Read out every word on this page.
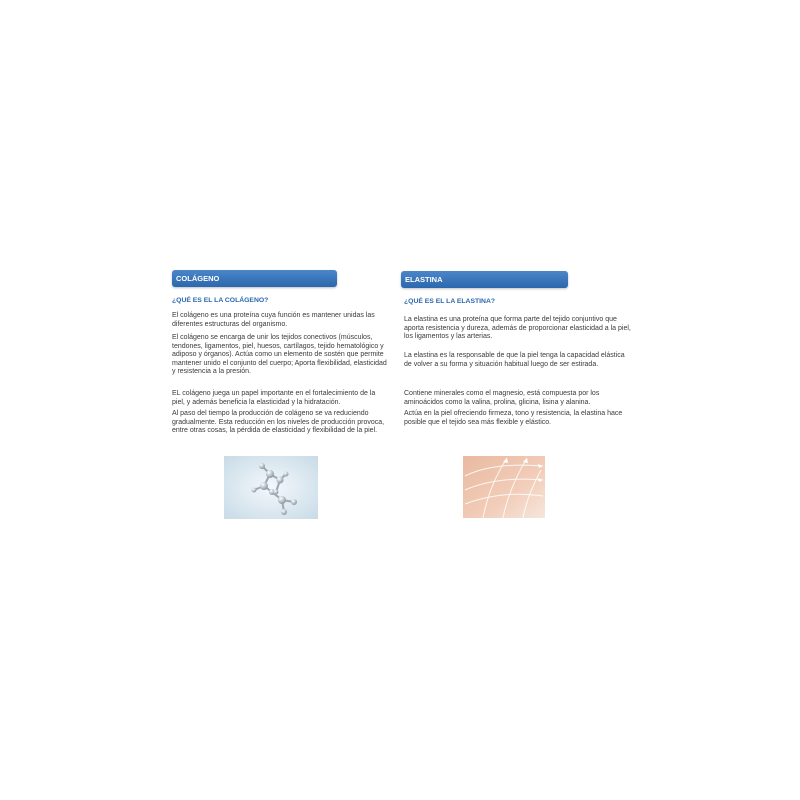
COLÁGENO
¿QUÉ ES EL LA COLÁGENO?

El colágeno es una proteína cuya función es mantener unidas las diferentes estructuras del organismo.

El colágeno se encarga de unir los tejidos conectivos (músculos, tendones, ligamentos, piel, huesos, cartílagos, tejido hematológico y adiposo y órganos). Actúa como un elemento de sostén que permite mantener unido el conjunto del cuerpo; Aporta flexibilidad, elasticidad y resistencia a la presión.

EL colágeno juega un papel importante en el fortalecimiento de la piel, y además beneficia la elasticidad y la hidratación.

Al paso del tiempo la producción de colágeno se va reduciendo gradualmente. Esta reducción en los niveles de producción provoca, entre otras cosas, la pérdida de elasticidad y flexibilidad de la piel.

ELASTINA
¿QUÉ ES EL LA ELASTINA?

La elastina es una proteína que forma parte del tejido conjuntivo que aporta resistencia y dureza, además de proporcionar elasticidad a la piel, los ligamentos y las arterias.

La elastina es la responsable de que la piel tenga la capacidad elástica de volver a su forma y situación habitual luego de ser estirada.

Contiene minerales como el magnesio, está compuesta por los aminoácidos como la valina, prolina, glicina, lisina y alanina.

Actúa en la piel ofreciendo firmeza, tono y resistencia, la elastina hace posible que el tejido sea más flexible y elástico.
